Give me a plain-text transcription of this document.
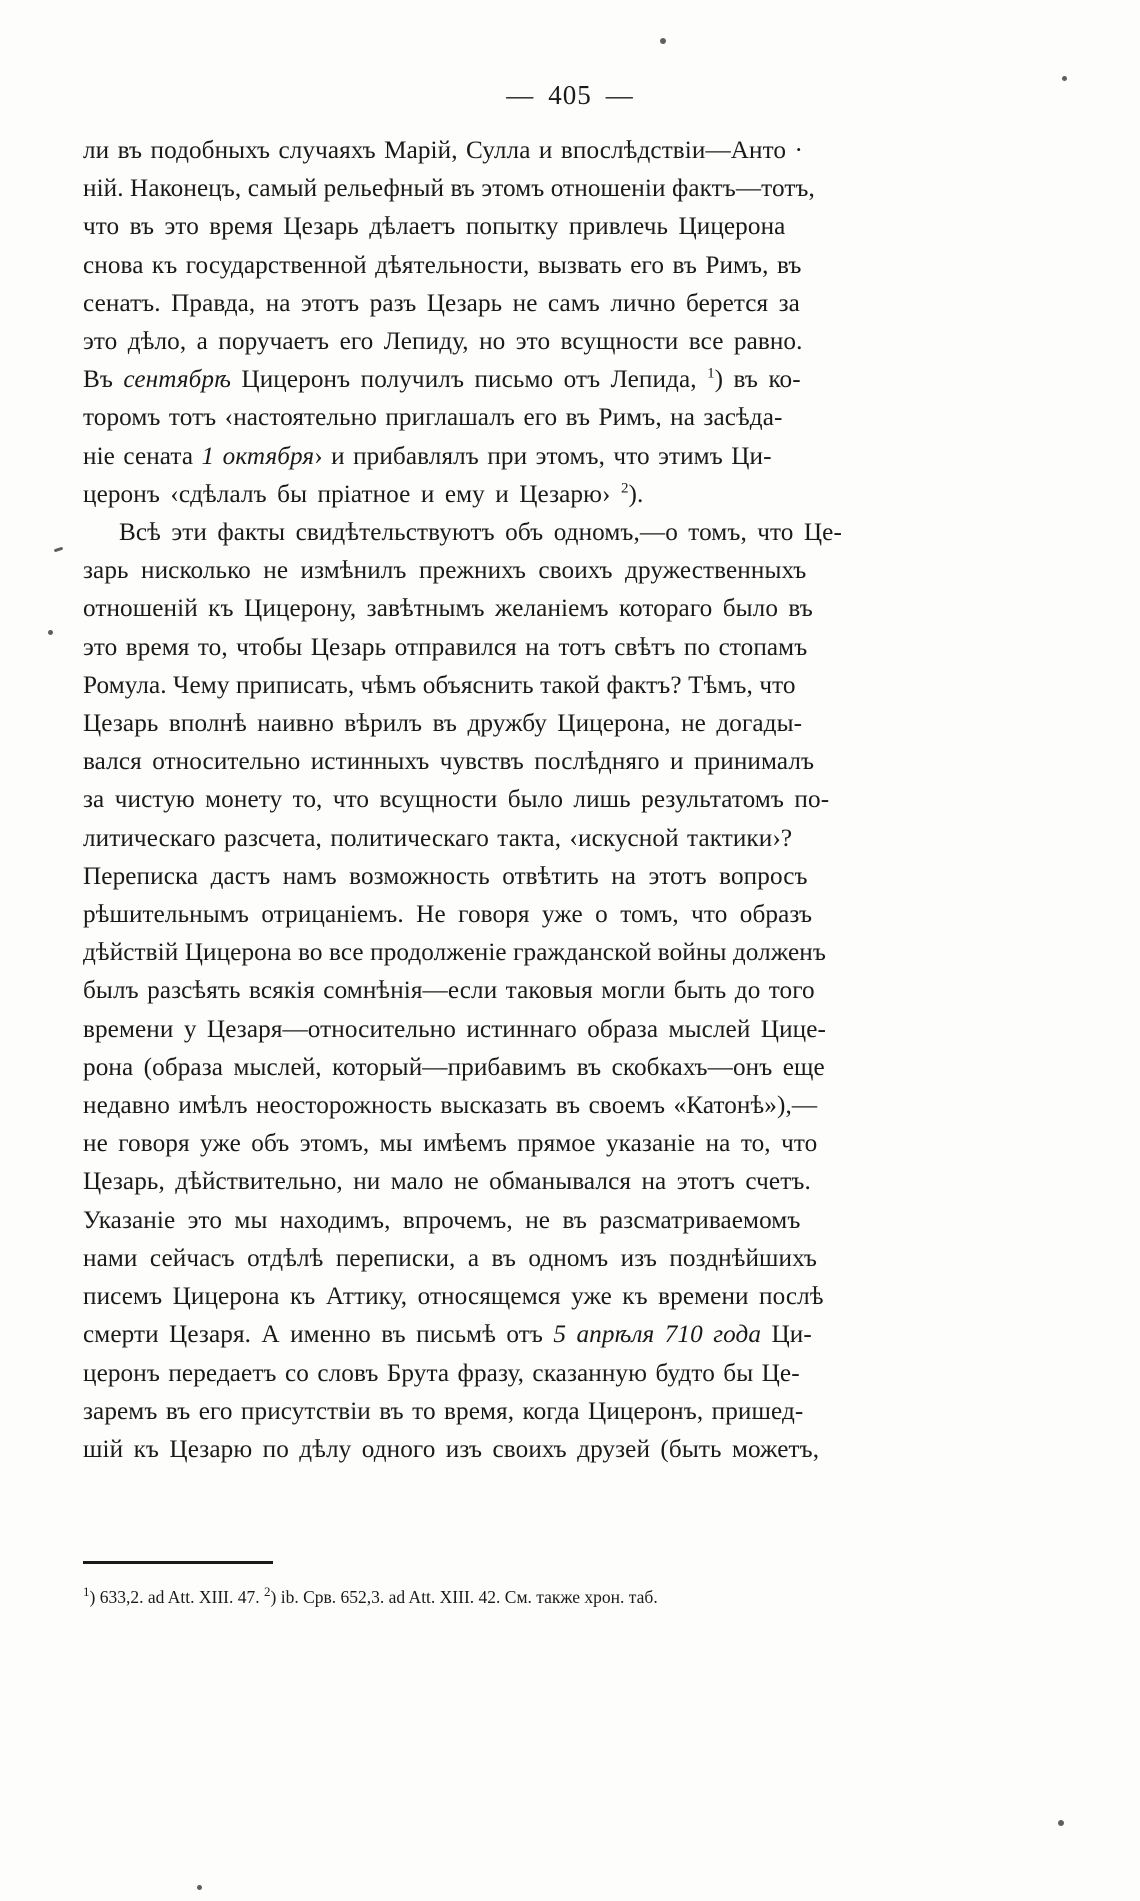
— 405 —
ли въ подобныхъ случаяхъ Марій, Сулла и впослѣдствіи—Анто ·
ній. Наконецъ, самый рельефный въ этомъ отношеніи фактъ—тотъ,
что въ это время Цезарь дѣлаетъ попытку привлечь Цицерона
снова къ государственной дѣятельности, вызвать его въ Римъ, въ
сенатъ. Правда, на этотъ разъ Цезарь не самъ лично берется за
это дѣло, а поручаетъ его Лепиду, но это всущности все равно.
Въ сентябрѣ Цицеронъ получилъ письмо отъ Лепида, $^1$) въ ко-
торомъ тотъ ‹настоятельно приглашалъ его въ Римъ, на засѣда-
ніе сената 1 октября› и прибавлялъ при этомъ, что этимъ Ци-
церонъ ‹сдѣлалъ бы пріатное и ему и Цезарю› $^2$).
Всѣ эти факты свидѣтельствуютъ объ одномъ,—о томъ, что Це-
зарь нисколько не измѣнилъ прежнихъ своихъ дружественныхъ
отношеній къ Цицерону, завѣтнымъ желаніемъ котораго было въ
это время то, чтобы Цезарь отправился на тотъ свѣтъ по стопамъ
Ромула. Чему приписать, чѣмъ объяснить такой фактъ? Тѣмъ, что
Цезарь вполнѣ наивно вѣрилъ въ дружбу Цицерона, не догады-
вался относительно истинныхъ чувствъ послѣдняго и принималъ
за чистую монету то, что всущности было лишь результатомъ по-
литическаго разсчета, политическаго такта, ‹искусной тактики›?
Переписка дастъ намъ возможность отвѣтить на этотъ вопросъ
рѣшительнымъ отрицаніемъ. Не говоря уже о томъ, что образъ
дѣйствій Цицерона во все продолженіе гражданской войны долженъ
былъ разсѣять всякія сомнѣнія—если таковыя могли быть до того
времени у Цезаря—относительно истиннаго образа мыслей Цице-
рона (образа мыслей, который—прибавимъ въ скобкахъ—онъ еще
недавно имѣлъ неосторожность высказать въ своемъ «Катонѣ»),—
не говоря уже объ этомъ, мы имѣемъ прямое указаніе на то, что
Цезарь, дѣйствительно, ни мало не обманывался на этотъ счетъ.
Указаніе это мы находимъ, впрочемъ, не въ разсматриваемомъ
нами сейчасъ отдѣлѣ переписки, а въ одномъ изъ позднѣйшихъ
писемъ Цицерона къ Аттику, относящемся уже къ времени послѣ
смерти Цезаря. А именно въ письмѣ отъ 5 апрѣля 710 года Ци-
церонъ передаетъ со словъ Брута фразу, сказанную будто бы Це-
заремъ въ его присутствіи въ то время, когда Цицеронъ, пришед-
шій къ Цезарю по дѣлу одного изъ своихъ друзей (быть можетъ,
$^1$) 633,2. ad Att. XIII. 47. $^2$) ib. Срв. 652,3. ad Att. XIII. 42. См. также хрон. таб.
